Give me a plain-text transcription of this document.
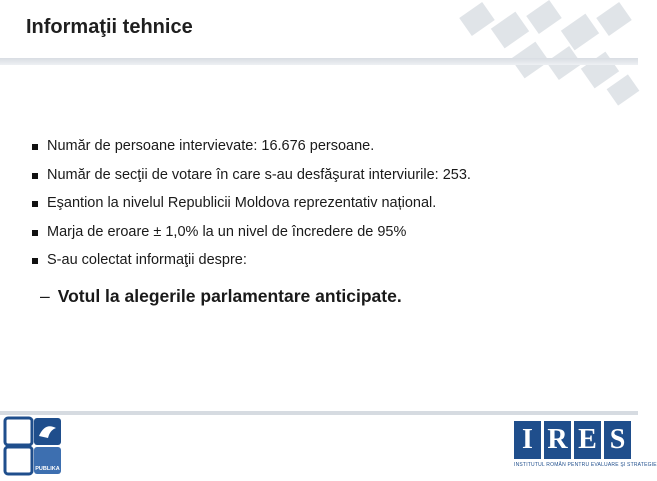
Informaţii tehnice
Număr de persoane intervievate: 16.676 persoane.
Număr de secţii de votare în care s-au desfăşurat interviurile: 253.
Eşantion la nivelul Republicii Moldova reprezentativ național.
Marja de eroare ± 1,0% la un nivel de încredere de 95%
S-au colectat informaţii despre:
– Votul la alegerile parlamentare anticipate.
PUBLIKA
I R E S
INSTITUTUL ROMÂN PENTRU EVALUARE ŞI STRATEGIE
